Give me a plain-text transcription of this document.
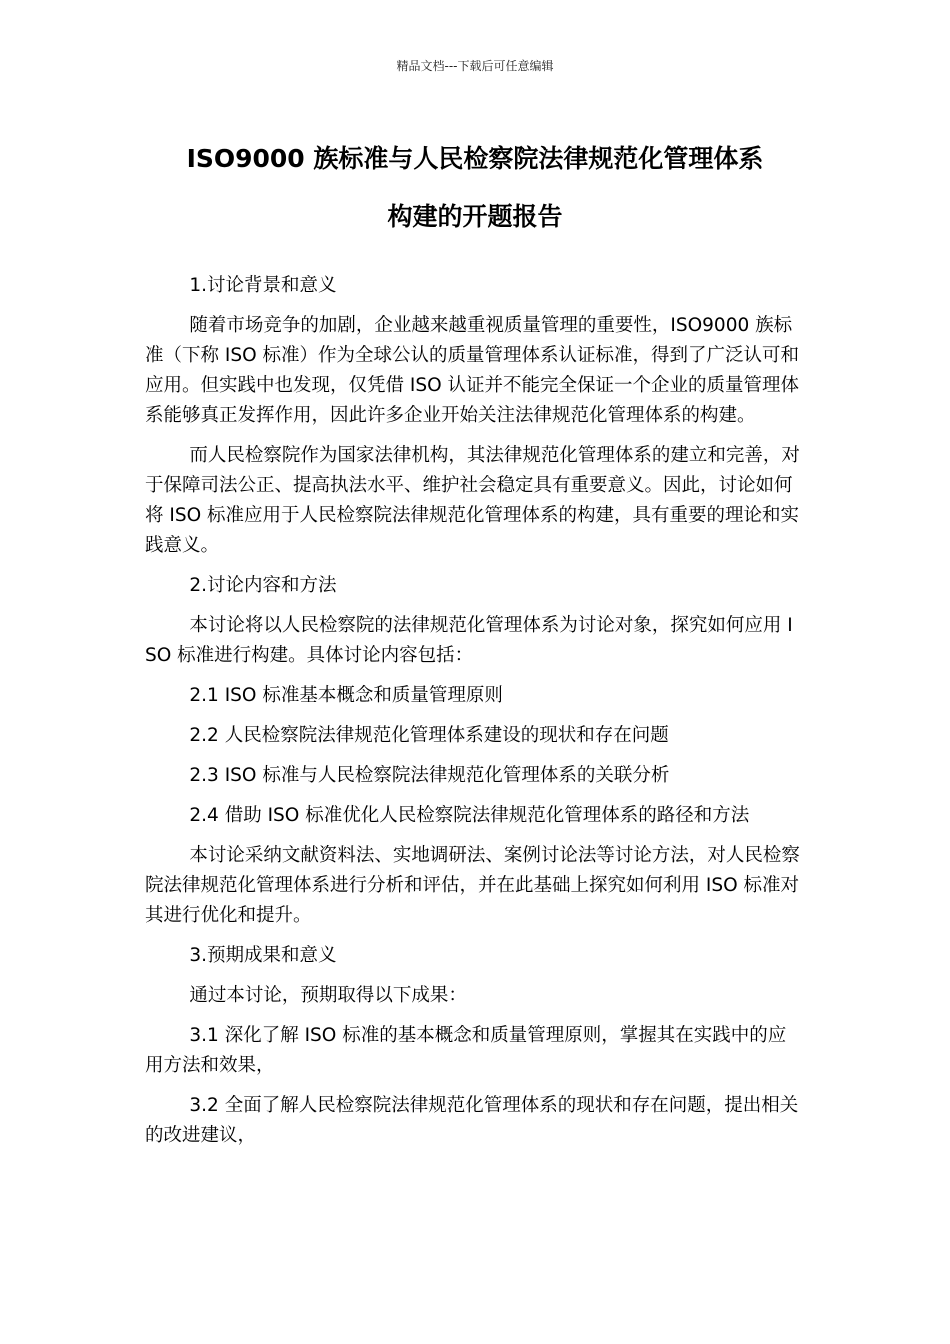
精品文档---下载后可任意编辑
ISO9000 族标准与人民检察院法律规范化管理体系
构建的开题报告

1.讨论背景和意义

随着市场竞争的加剧，企业越来越重视质量管理的重要性，ISO9000 族标准（下称 ISO 标准）作为全球公认的质量管理体系认证标准，得到了广泛认可和应用。但实践中也发现，仅凭借 ISO 认证并不能完全保证一个企业的质量管理体系能够真正发挥作用，因此许多企业开始关注法律规范化管理体系的构建。

而人民检察院作为国家法律机构，其法律规范化管理体系的建立和完善，对于保障司法公正、提高执法水平、维护社会稳定具有重要意义。因此，讨论如何将 ISO 标准应用于人民检察院法律规范化管理体系的构建，具有重要的理论和实践意义。

2.讨论内容和方法

本讨论将以人民检察院的法律规范化管理体系为讨论对象，探究如何应用 ISO 标准进行构建。具体讨论内容包括：

2.1 ISO 标准基本概念和质量管理原则

2.2 人民检察院法律规范化管理体系建设的现状和存在问题

2.3 ISO 标准与人民检察院法律规范化管理体系的关联分析

2.4 借助 ISO 标准优化人民检察院法律规范化管理体系的路径和方法

本讨论采纳文献资料法、实地调研法、案例讨论法等讨论方法，对人民检察院法律规范化管理体系进行分析和评估，并在此基础上探究如何利用 ISO 标准对其进行优化和提升。

3.预期成果和意义

通过本讨论，预期取得以下成果：

3.1 深化了解 ISO 标准的基本概念和质量管理原则，掌握其在实践中的应用方法和效果，

3.2 全面了解人民检察院法律规范化管理体系的现状和存在问题，提出相关的改进建议，
